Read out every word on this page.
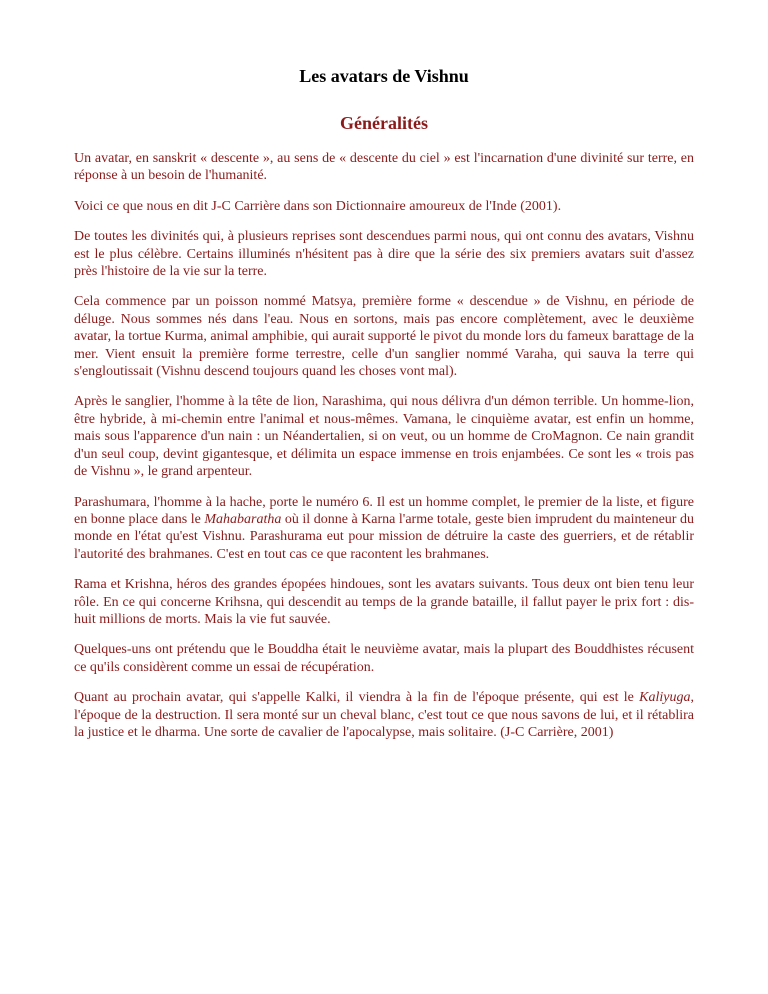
Les avatars de Vishnu
Généralités

Un avatar, en sanskrit « descente », au sens de « descente du ciel » est l'incarnation d'une divinité sur terre, en réponse à un besoin de l'humanité.

Voici ce que nous en dit J-C Carrière dans son Dictionnaire amoureux de l'Inde (2001).

De toutes les divinités qui, à plusieurs reprises sont descendues parmi nous, qui ont connu des avatars, Vishnu est le plus célèbre. Certains illuminés n'hésitent pas à dire que la série des six premiers avatars suit d'assez près l'histoire de la vie sur la terre.

Cela commence par un poisson nommé Matsya, première forme « descendue » de Vishnu, en période de déluge. Nous sommes nés dans l'eau. Nous en sortons, mais pas encore complètement, avec le deuxième avatar, la tortue Kurma, animal amphibie, qui aurait supporté le pivot du monde lors du fameux barattage de la mer. Vient ensuit la première forme terrestre, celle d'un sanglier nommé Varaha, qui sauva la terre qui s'engloutissait (Vishnu descend toujours quand les choses vont mal).

Après le sanglier, l'homme à la tête de lion, Narashima, qui nous délivra d'un démon terrible. Un homme-lion, être hybride, à mi-chemin entre l'animal et nous-mêmes. Vamana, le cinquième avatar, est enfin un homme, mais sous l'apparence d'un nain : un Néandertalien, si on veut, ou un homme de CroMagnon. Ce nain grandit d'un seul coup, devint gigantesque, et délimita un espace immense en trois enjambées. Ce sont les « trois pas de Vishnu », le grand arpenteur.

Parashumara, l'homme à la hache, porte le numéro 6. Il est un homme complet, le premier de la liste, et figure en bonne place dans le Mahabaratha où il donne à Karna l'arme totale, geste bien imprudent du mainteneur du monde en l'état qu'est Vishnu. Parashurama eut pour mission de détruire la caste des guerriers, et de rétablir l'autorité des brahmanes. C'est en tout cas ce que racontent les brahmanes.

Rama et Krishna, héros des grandes épopées hindoues, sont les avatars suivants. Tous deux ont bien tenu leur rôle. En ce qui concerne Krihsna, qui descendit au temps de la grande bataille, il fallut payer le prix fort : dis-huit millions de morts. Mais la vie fut sauvée.

Quelques-uns ont prétendu que le Bouddha était le neuvième avatar, mais la plupart des Bouddhistes récusent ce qu'ils considèrent comme un essai de récupération.

Quant au prochain avatar, qui s'appelle Kalki, il viendra à la fin de l'époque présente, qui est le Kaliyuga, l'époque de la destruction. Il sera monté sur un cheval blanc, c'est tout ce que nous savons de lui, et il rétablira la justice et le dharma. Une sorte de cavalier de l'apocalypse, mais solitaire. (J-C Carrière, 2001)
